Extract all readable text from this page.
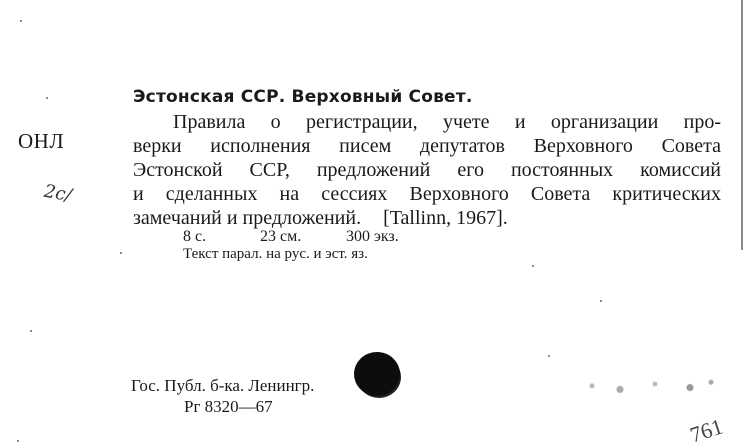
ОНЛ
2с/
Эстонская ССР. Верховный Совет.
Правила о регистрации, учете и организации про-
верки исполнения писем депутатов Верховного Совета
Эстонской ССР, предложений его постоянных комиссий
и сделанных на сессиях Верховного Совета критических
замечаний и предложений. [Tallinn, 1967].
8 с.	23 см.	300 экз.
Текст парал. на рус. и эст. яз.
Гос. Публ. б-ка. Ленингр.
Рг 8320—67
761
